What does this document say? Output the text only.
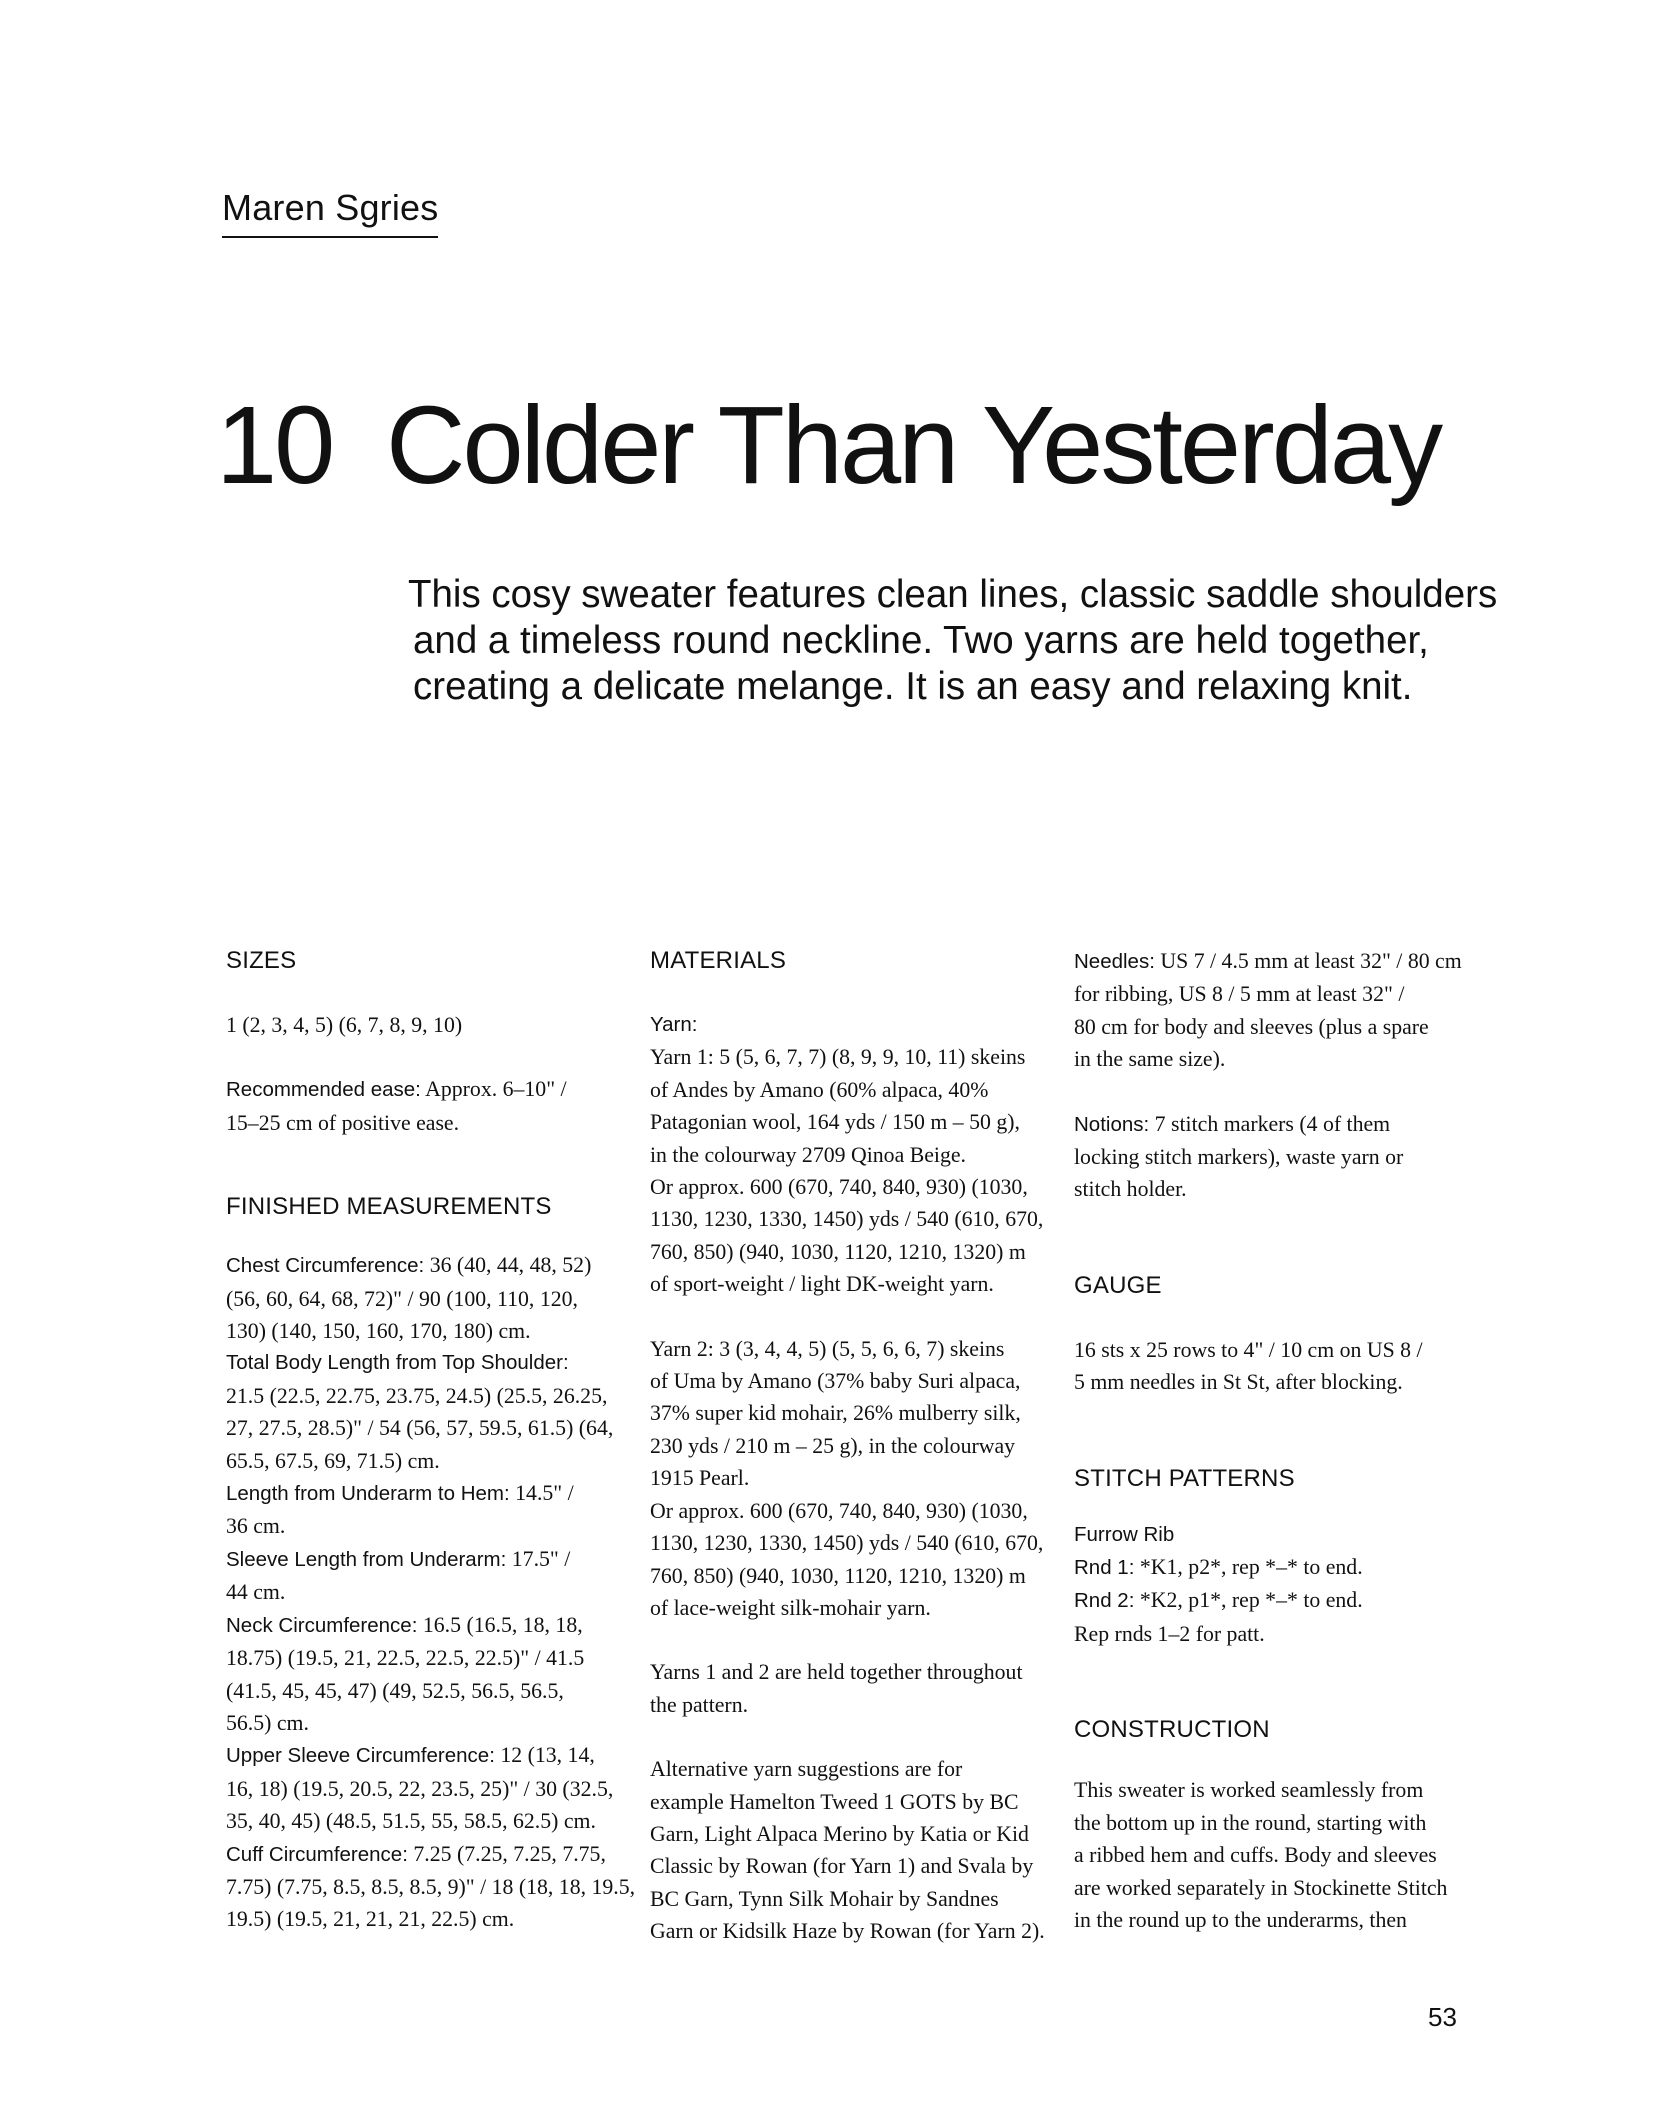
Maren Sgries
10 Colder Than Yesterday
This cosy sweater features clean lines, classic saddle shoulders
and a timeless round neckline. Two yarns are held together,
creating a delicate melange. It is an easy and relaxing knit.
SIZES
1 (2, 3, 4, 5) (6, 7, 8, 9, 10)
Recommended ease: Approx. 6–10" /
15–25 cm of positive ease.
FINISHED MEASUREMENTS
Chest Circumference: 36 (40, 44, 48, 52)
(56, 60, 64, 68, 72)" / 90 (100, 110, 120,
130) (140, 150, 160, 170, 180) cm.
Total Body Length from Top Shoulder:
21.5 (22.5, 22.75, 23.75, 24.5) (25.5, 26.25,
27, 27.5, 28.5)" / 54 (56, 57, 59.5, 61.5) (64,
65.5, 67.5, 69, 71.5) cm.
Length from Underarm to Hem: 14.5" /
36 cm.
Sleeve Length from Underarm: 17.5" /
44 cm.
Neck Circumference: 16.5 (16.5, 18, 18,
18.75) (19.5, 21, 22.5, 22.5, 22.5)" / 41.5
(41.5, 45, 45, 47) (49, 52.5, 56.5, 56.5,
56.5) cm.
Upper Sleeve Circumference: 12 (13, 14,
16, 18) (19.5, 20.5, 22, 23.5, 25)" / 30 (32.5,
35, 40, 45) (48.5, 51.5, 55, 58.5, 62.5) cm.
Cuff Circumference: 7.25 (7.25, 7.25, 7.75,
7.75) (7.75, 8.5, 8.5, 8.5, 9)" / 18 (18, 18, 19.5,
19.5) (19.5, 21, 21, 21, 22.5) cm.
MATERIALS
Yarn:
Yarn 1: 5 (5, 6, 7, 7) (8, 9, 9, 10, 11) skeins
of Andes by Amano (60% alpaca, 40%
Patagonian wool, 164 yds / 150 m – 50 g),
in the colourway 2709 Qinoa Beige.
Or approx. 600 (670, 740, 840, 930) (1030,
1130, 1230, 1330, 1450) yds / 540 (610, 670,
760, 850) (940, 1030, 1120, 1210, 1320) m
of sport-weight / light DK-weight yarn.
Yarn 2: 3 (3, 4, 4, 5) (5, 5, 6, 6, 7) skeins
of Uma by Amano (37% baby Suri alpaca,
37% super kid mohair, 26% mulberry silk,
230 yds / 210 m – 25 g), in the colourway
1915 Pearl.
Or approx. 600 (670, 740, 840, 930) (1030,
1130, 1230, 1330, 1450) yds / 540 (610, 670,
760, 850) (940, 1030, 1120, 1210, 1320) m
of lace-weight silk-mohair yarn.
Yarns 1 and 2 are held together throughout
the pattern.
Alternative yarn suggestions are for
example Hamelton Tweed 1 GOTS by BC
Garn, Light Alpaca Merino by Katia or Kid
Classic by Rowan (for Yarn 1) and Svala by
BC Garn, Tynn Silk Mohair by Sandnes
Garn or Kidsilk Haze by Rowan (for Yarn 2).
Needles: US 7 / 4.5 mm at least 32" / 80 cm
for ribbing, US 8 / 5 mm at least 32" /
80 cm for body and sleeves (plus a spare
in the same size).
Notions: 7 stitch markers (4 of them
locking stitch markers), waste yarn or
stitch holder.
GAUGE
16 sts x 25 rows to 4" / 10 cm on US 8 /
5 mm needles in St St, after blocking.
STITCH PATTERNS
Furrow Rib
Rnd 1: *K1, p2*, rep *–* to end.
Rnd 2: *K2, p1*, rep *–* to end.
Rep rnds 1–2 for patt.
CONSTRUCTION
This sweater is worked seamlessly from
the bottom up in the round, starting with
a ribbed hem and cuffs. Body and sleeves
are worked separately in Stockinette Stitch
in the round up to the underarms, then
53
